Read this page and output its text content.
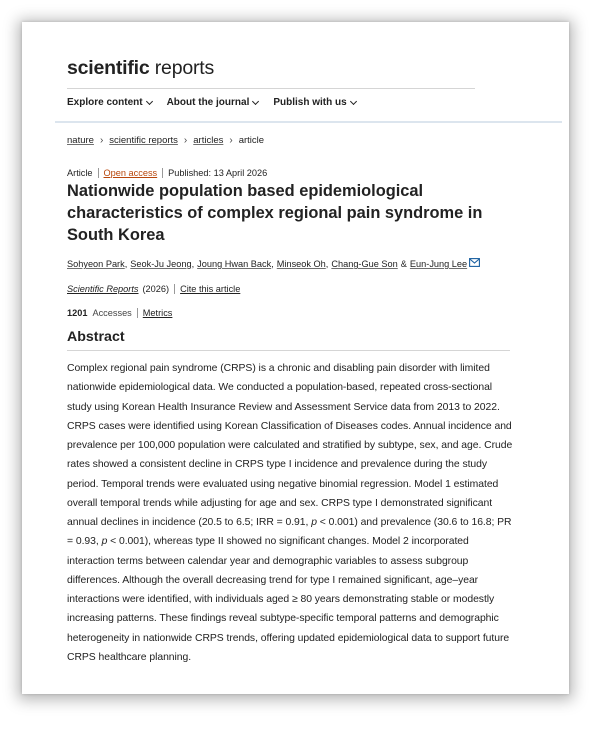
scientific reports
Explore content About the journal Publish with us
nature › scientific reports › articles › article
Article	Open access	Published: 13 April 2026
Nationwide population based epidemiological characteristics of complex regional pain syndrome in South Korea
Sohyeon Park , Seok-Ju Jeong , Joung Hwan Back , Minseok Oh , Chang-Gue Son & Eun-Jung Lee
Scientific Reports (2026)	Cite this article
1201 Accesses	Metrics
Abstract

Complex regional pain syndrome (CRPS) is a chronic and disabling pain disorder with limited nationwide epidemiological data. We conducted a population-based, repeated cross-sectional study using Korean Health Insurance Review and Assessment Service data from 2013 to 2022. CRPS cases were identified using Korean Classification of Diseases codes. Annual incidence and prevalence per 100,000 population were calculated and stratified by subtype, sex, and age. Crude rates showed a consistent decline in CRPS type I incidence and prevalence during the study period. Temporal trends were evaluated using negative binomial regression. Model 1 estimated overall temporal trends while adjusting for age and sex. CRPS type I demonstrated significant annual declines in incidence (20.5 to 6.5; IRR = 0.91, p < 0.001) and prevalence (30.6 to 16.8; PR = 0.93, p < 0.001), whereas type II showed no significant changes. Model 2 incorporated interaction terms between calendar year and demographic variables to assess subgroup differences. Although the overall decreasing trend for type I remained significant, age–year interactions were identified, with individuals aged ≥ 80 years demonstrating stable or modestly increasing patterns. These findings reveal subtype-specific temporal patterns and demographic heterogeneity in nationwide CRPS trends, offering updated epidemiological data to support future CRPS healthcare planning.
